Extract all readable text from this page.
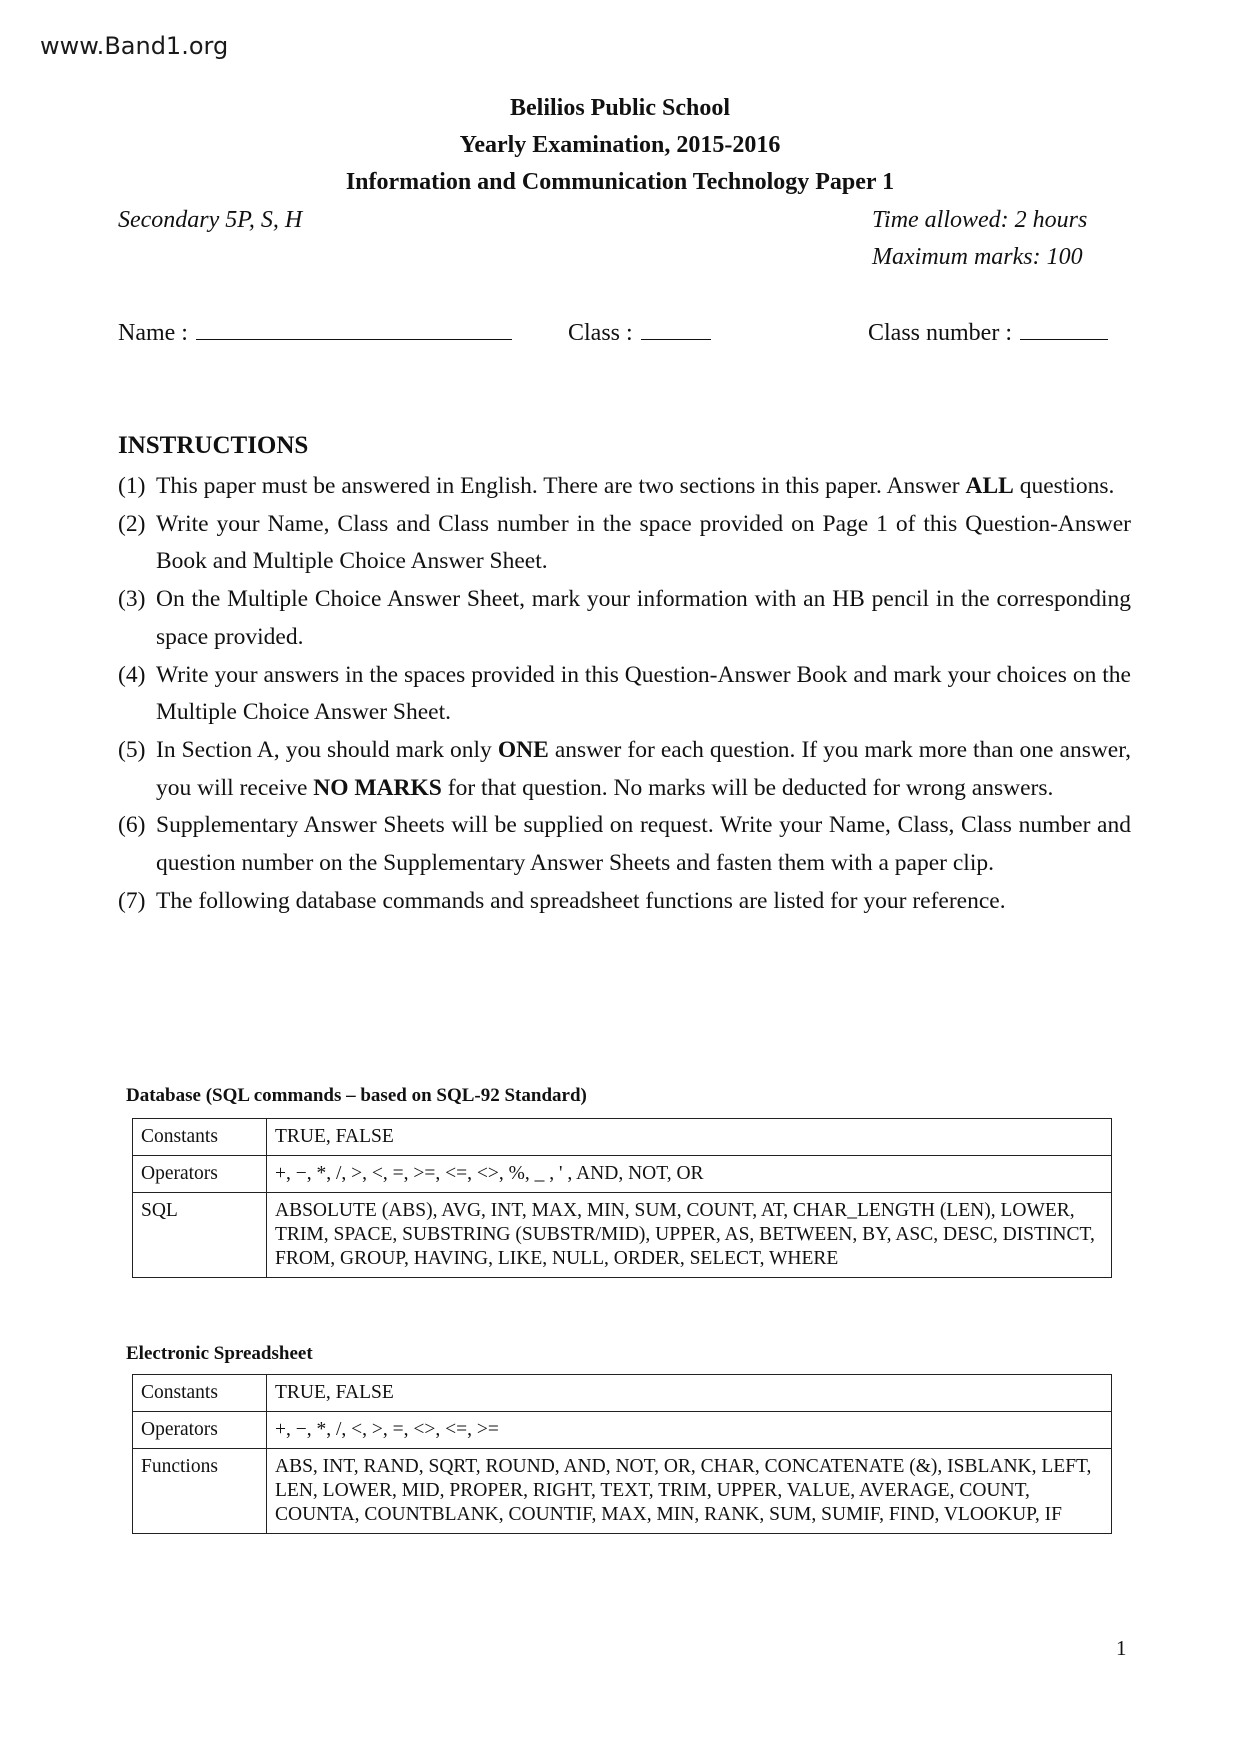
www.Band1.org
Belilios Public School
Yearly Examination, 2015-2016
Information and Communication Technology Paper 1
Secondary 5P, S, H	Time allowed: 2 hours
Maximum marks: 100
Name :	Class :	Class number :
INSTRUCTIONS
(1) This paper must be answered in English. There are two sections in this paper. Answer ALL questions.
(2) Write your Name, Class and Class number in the space provided on Page 1 of this Question-Answer Book and Multiple Choice Answer Sheet.
(3) On the Multiple Choice Answer Sheet, mark your information with an HB pencil in the corresponding space provided.
(4) Write your answers in the spaces provided in this Question-Answer Book and mark your choices on the Multiple Choice Answer Sheet.
(5) In Section A, you should mark only ONE answer for each question. If you mark more than one answer, you will receive NO MARKS for that question. No marks will be deducted for wrong answers.
(6) Supplementary Answer Sheets will be supplied on request. Write your Name, Class, Class number and question number on the Supplementary Answer Sheets and fasten them with a paper clip.
(7) The following database commands and spreadsheet functions are listed for your reference.
Database (SQL commands – based on SQL-92 Standard)
Constants	TRUE, FALSE
Operators	+, −, *, /, >, <, =, >=, <=, <>, %, _ , ' , AND, NOT, OR
SQL	ABSOLUTE (ABS), AVG, INT, MAX, MIN, SUM, COUNT, AT, CHAR_LENGTH (LEN), LOWER, TRIM, SPACE, SUBSTRING (SUBSTR/MID), UPPER, AS, BETWEEN, BY, ASC, DESC, DISTINCT, FROM, GROUP, HAVING, LIKE, NULL, ORDER, SELECT, WHERE
Electronic Spreadsheet
Constants	TRUE, FALSE
Operators	+, −, *, /, <, >, =, <>, <=, >=
Functions	ABS, INT, RAND, SQRT, ROUND, AND, NOT, OR, CHAR, CONCATENATE (&), ISBLANK, LEFT, LEN, LOWER, MID, PROPER, RIGHT, TEXT, TRIM, UPPER, VALUE, AVERAGE, COUNT, COUNTA, COUNTBLANK, COUNTIF, MAX, MIN, RANK, SUM, SUMIF, FIND, VLOOKUP, IF
1
